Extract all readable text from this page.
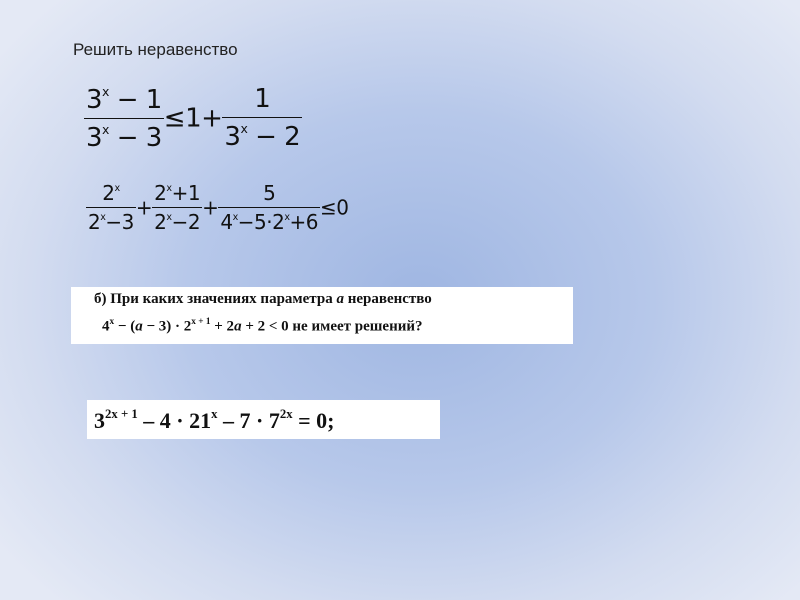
Решить неравенство
$\frac{3^x - 1}{3^x - 3} \le 1+ \frac{1}{3^x - 2}$
$\frac{2^x}{2^x-3} + \frac{2^x+1}{2^x-2} + \frac{5}{4^x-5\cdot 2^x+6} \le 0$
б) При каких значениях параметра a неравенство
$4^x - (a - 3) \cdot 2^{x + 1} + 2a + 2 < 0$ не имеет решений?
$3^{2x + 1} - 4 \cdot 21^x - 7 \cdot 7^{2x} = 0$;
